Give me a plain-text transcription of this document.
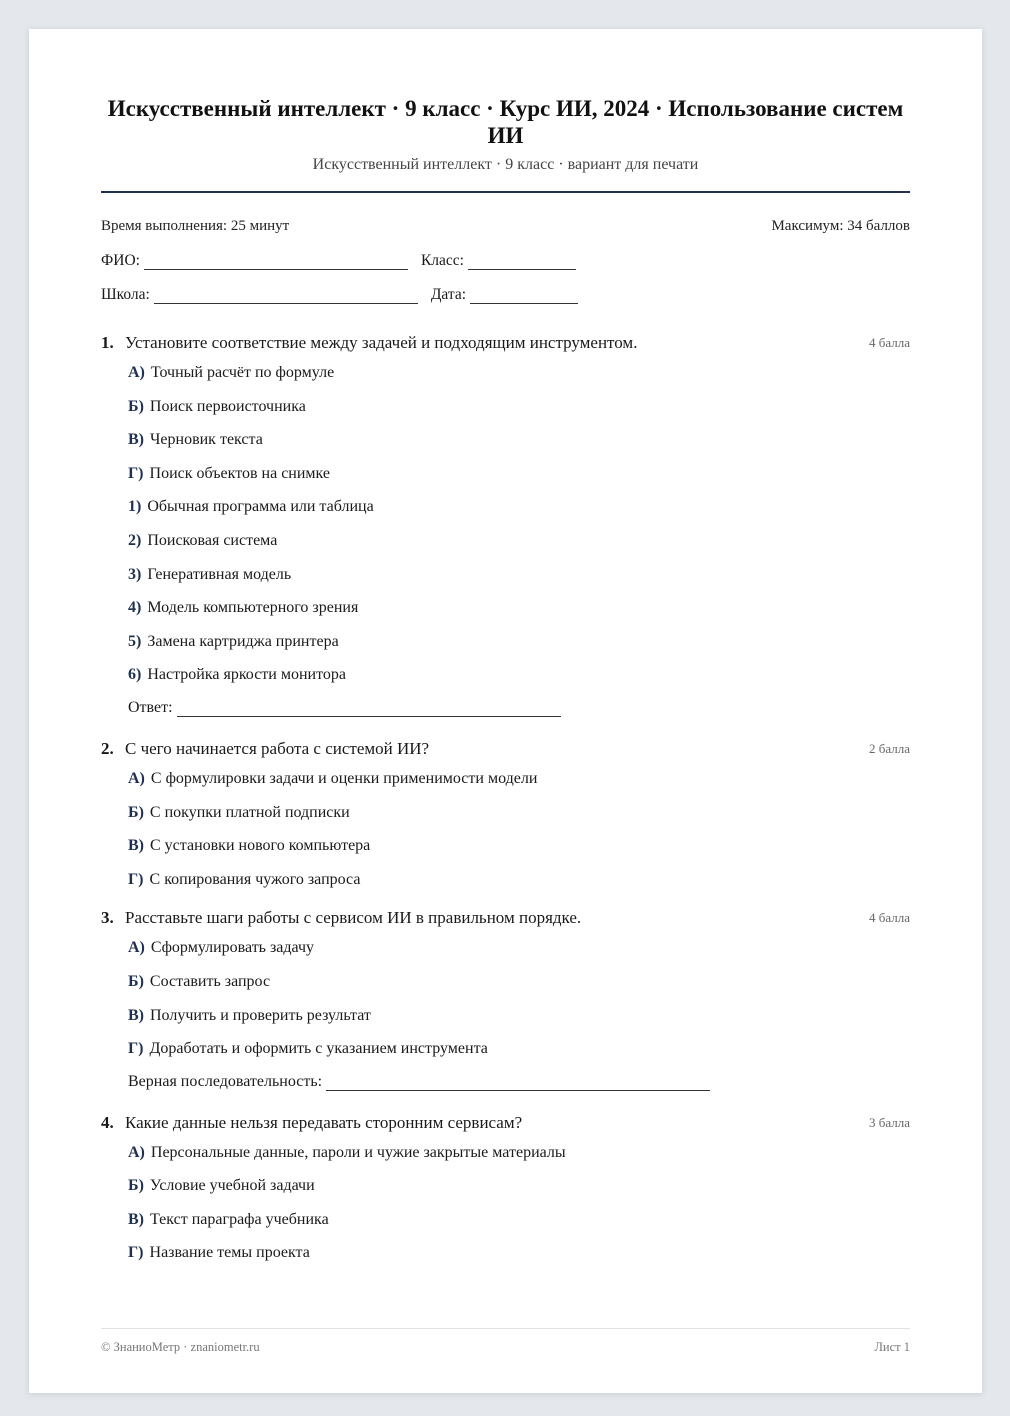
Искусственный интеллект · 9 класс · Курс ИИ, 2024 · Использование систем ИИ
Искусственный интеллект · 9 класс · вариант для печати
Время выполнения: 25 минут	Максимум: 34 баллов
ФИО:	Класс:
Школа:	Дата:
1. Установите соответствие между задачей и подходящим инструментом.	4 балла
А) Точный расчёт по формуле
Б) Поиск первоисточника
В) Черновик текста
Г) Поиск объектов на снимке
1) Обычная программа или таблица
2) Поисковая система
3) Генеративная модель
4) Модель компьютерного зрения
5) Замена картриджа принтера
6) Настройка яркости монитора
Ответ:
2. С чего начинается работа с системой ИИ?	2 балла
А) С формулировки задачи и оценки применимости модели
Б) С покупки платной подписки
В) С установки нового компьютера
Г) С копирования чужого запроса
3. Расставьте шаги работы с сервисом ИИ в правильном порядке.	4 балла
А) Сформулировать задачу
Б) Составить запрос
В) Получить и проверить результат
Г) Доработать и оформить с указанием инструмента
Верная последовательность:
4. Какие данные нельзя передавать сторонним сервисам?	3 балла
А) Персональные данные, пароли и чужие закрытые материалы
Б) Условие учебной задачи
В) Текст параграфа учебника
Г) Название темы проекта
© ЗнаниоМетр · znaniometr.ru	Лист 1
